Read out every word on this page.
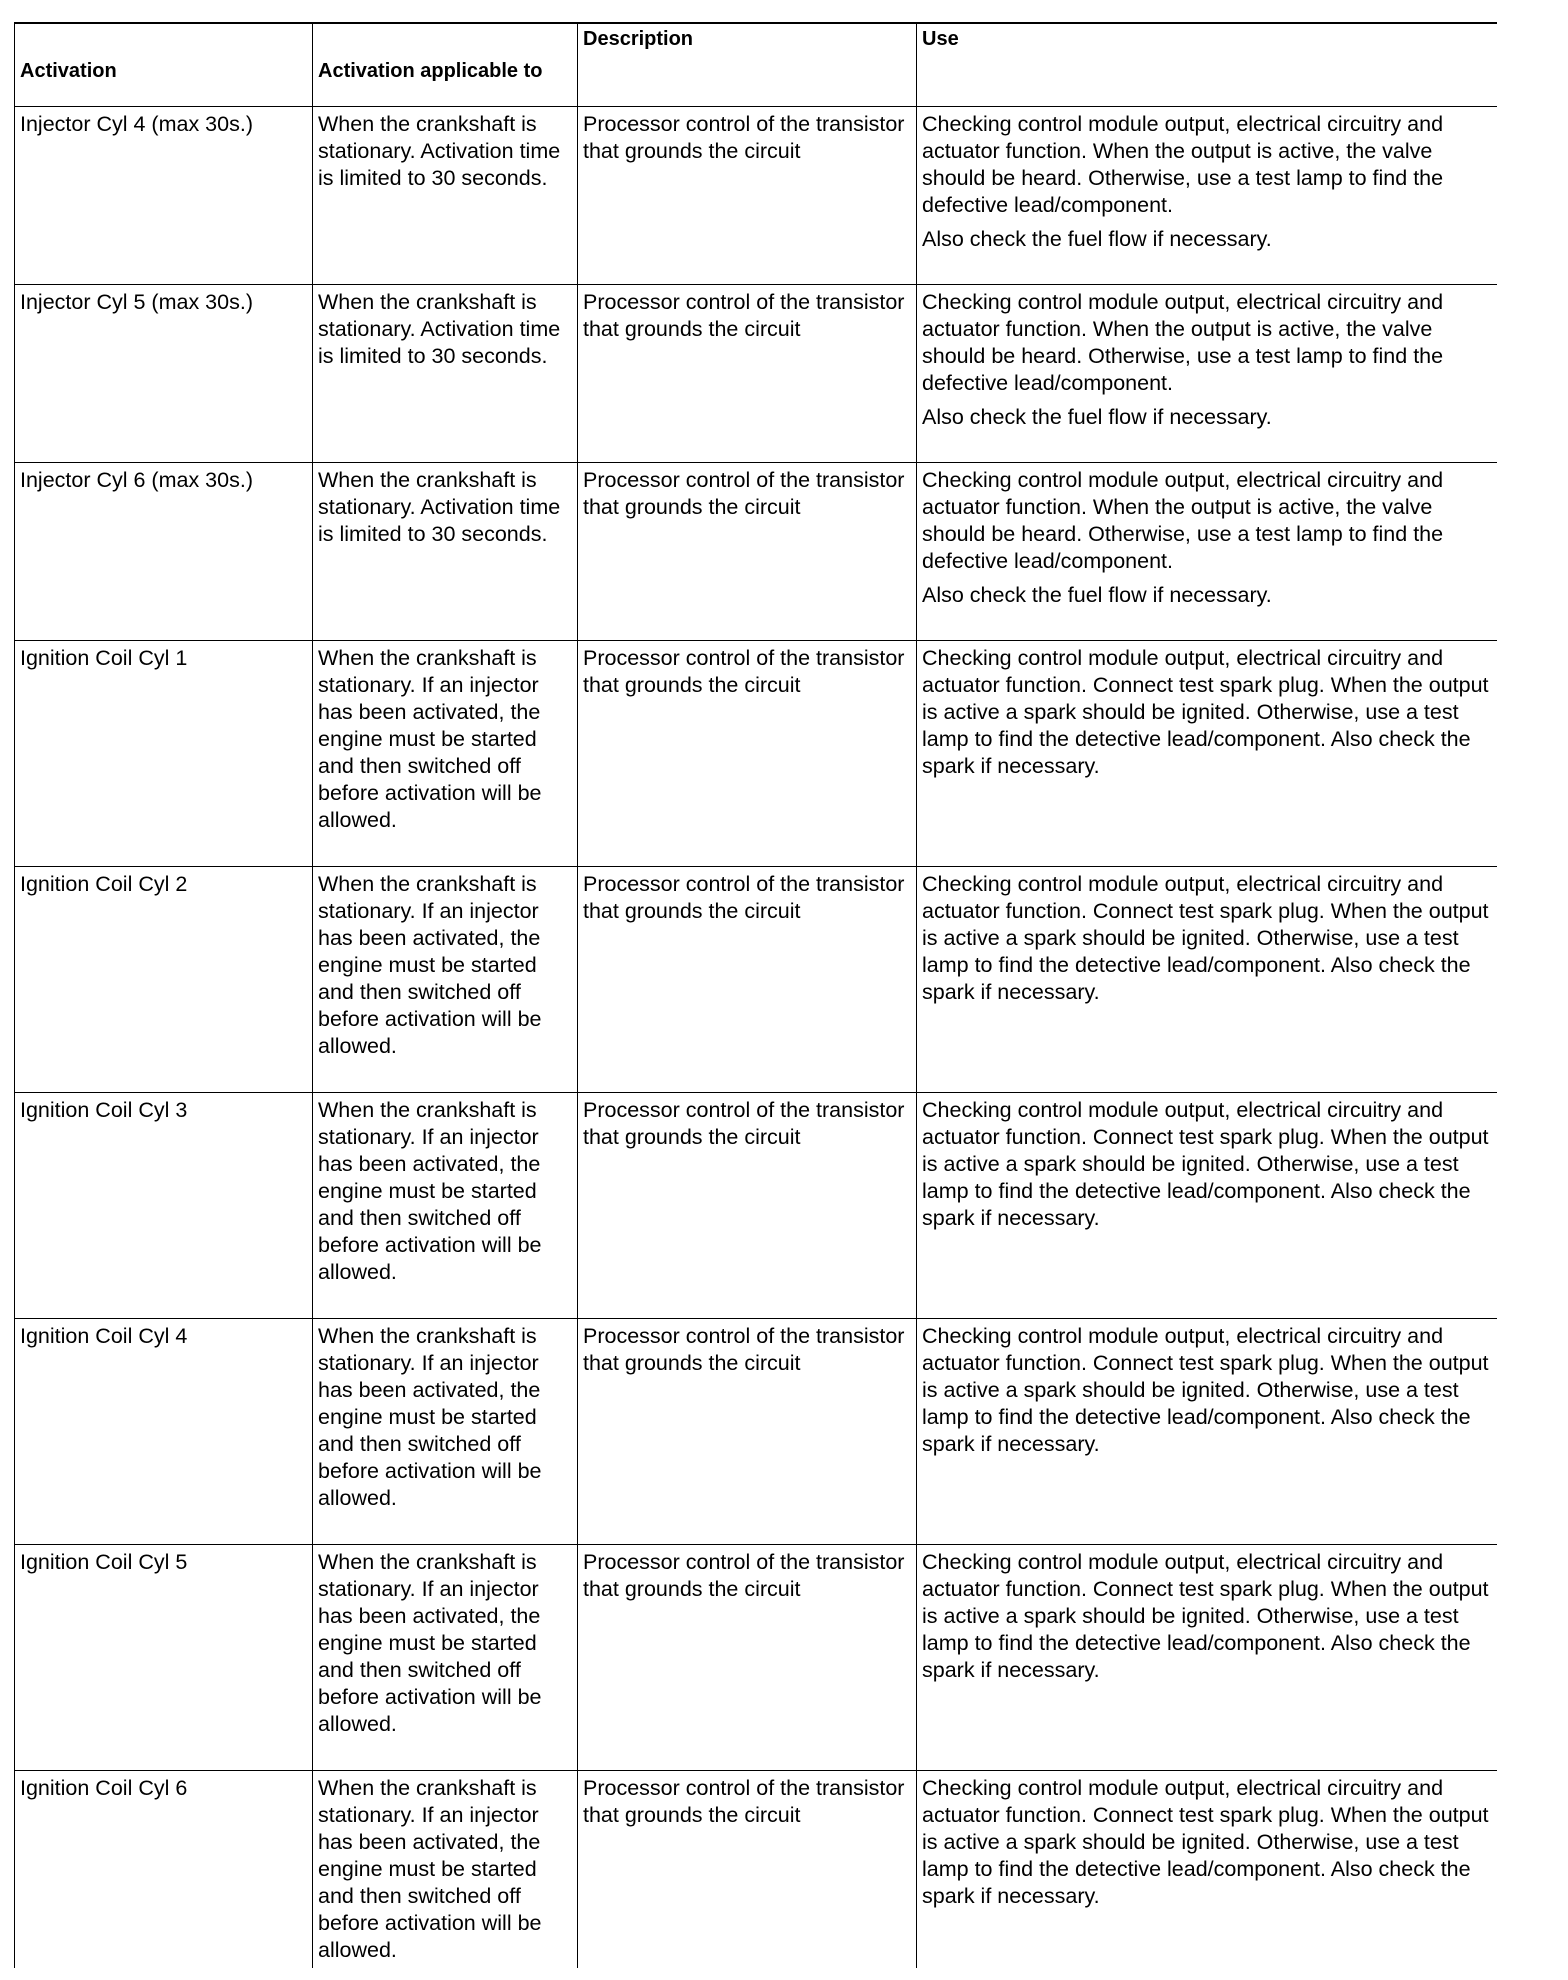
Activation	Activation applicable to	Description	Use
Injector Cyl 4 (max 30s.)	When the crankshaft is stationary. Activation time is limited to 30 seconds.	Processor control of the transistor that grounds the circuit	Checking control module output, electrical circuitry and actuator function. When the output is active, the valve should be heard. Otherwise, use a test lamp to find the defective lead/component.
Also check the fuel flow if necessary.

Injector Cyl 5 (max 30s.)	When the crankshaft is stationary. Activation time is limited to 30 seconds.	Processor control of the transistor that grounds the circuit	Checking control module output, electrical circuitry and actuator function. When the output is active, the valve should be heard. Otherwise, use a test lamp to find the defective lead/component.
Also check the fuel flow if necessary.

Injector Cyl 6 (max 30s.)	When the crankshaft is stationary. Activation time is limited to 30 seconds.	Processor control of the transistor that grounds the circuit	Checking control module output, electrical circuitry and actuator function. When the output is active, the valve should be heard. Otherwise, use a test lamp to find the defective lead/component.
Also check the fuel flow if necessary.

Ignition Coil Cyl 1	When the crankshaft is stationary. If an injector has been activated, the engine must be started and then switched off before activation will be allowed.	Processor control of the transistor that grounds the circuit	Checking control module output, electrical circuitry and actuator function. Connect test spark plug. When the output is active a spark should be ignited. Otherwise, use a test lamp to find the detective lead/component. Also check the spark if necessary.
Ignition Coil Cyl 2	When the crankshaft is stationary. If an injector has been activated, the engine must be started and then switched off before activation will be allowed.	Processor control of the transistor that grounds the circuit	Checking control module output, electrical circuitry and actuator function. Connect test spark plug. When the output is active a spark should be ignited. Otherwise, use a test lamp to find the detective lead/component. Also check the spark if necessary.
Ignition Coil Cyl 3	When the crankshaft is stationary. If an injector has been activated, the engine must be started and then switched off before activation will be allowed.	Processor control of the transistor that grounds the circuit	Checking control module output, electrical circuitry and actuator function. Connect test spark plug. When the output is active a spark should be ignited. Otherwise, use a test lamp to find the detective lead/component. Also check the spark if necessary.
Ignition Coil Cyl 4	When the crankshaft is stationary. If an injector has been activated, the engine must be started and then switched off before activation will be allowed.	Processor control of the transistor that grounds the circuit	Checking control module output, electrical circuitry and actuator function. Connect test spark plug. When the output is active a spark should be ignited. Otherwise, use a test lamp to find the detective lead/component. Also check the spark if necessary.
Ignition Coil Cyl 5	When the crankshaft is stationary. If an injector has been activated, the engine must be started and then switched off before activation will be allowed.	Processor control of the transistor that grounds the circuit	Checking control module output, electrical circuitry and actuator function. Connect test spark plug. When the output is active a spark should be ignited. Otherwise, use a test lamp to find the detective lead/component. Also check the spark if necessary.
Ignition Coil Cyl 6	When the crankshaft is stationary. If an injector has been activated, the engine must be started and then switched off before activation will be allowed.	Processor control of the transistor that grounds the circuit	Checking control module output, electrical circuitry and actuator function. Connect test spark plug. When the output is active a spark should be ignited. Otherwise, use a test lamp to find the detective lead/component. Also check the spark if necessary.
